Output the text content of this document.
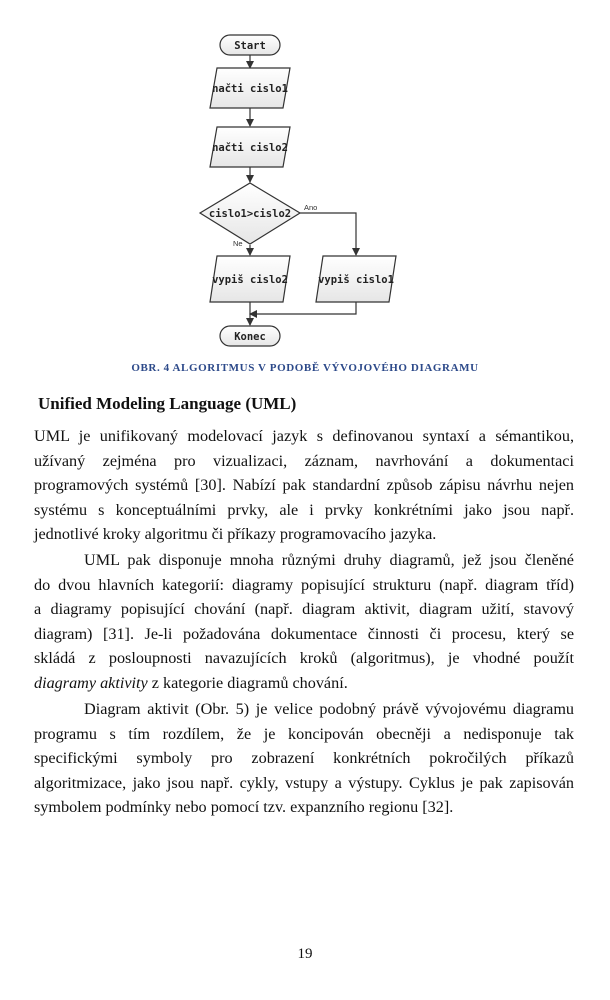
Start
načti cislo1
načti cislo2
cislo1>cislo2
Ano
Ne
vypiš cislo2	vypiš cislo1
Konec
OBR. 4 ALGORITMUS V PODOBĚ VÝVOJOVÉHO DIAGRAMU
Unified Modeling Language (UML)
UML je unifikovaný modelovací jazyk s definovanou syntaxí a sémantikou,
užívaný zejména pro vizualizaci, záznam, navrhování a dokumentaci
programových systémů [30]. Nabízí pak standardní způsob zápisu návrhu nejen
systému s konceptuálními prvky, ale i prvky konkrétními jako jsou např.
jednotlivé kroky algoritmu či příkazy programovacího jazyka.
UML pak disponuje mnoha různými druhy diagramů, jež jsou členěné
do dvou hlavních kategorií: diagramy popisující strukturu (např. diagram tříd)
a diagramy popisující chování (např. diagram aktivit, diagram užití, stavový
diagram) [31]. Je-li požadována dokumentace činnosti či procesu, který se
skládá z posloupnosti navazujících kroků (algoritmus), je vhodné použít
diagramy aktivity z kategorie diagramů chování.
Diagram aktivit (Obr. 5) je velice podobný právě vývojovému diagramu
programu s tím rozdílem, že je koncipován obecněji a nedisponuje tak
specifickými symboly pro zobrazení konkrétních pokročilých příkazů
algoritmizace, jako jsou např. cykly, vstupy a výstupy. Cyklus je pak zapisován
symbolem podmínky nebo pomocí tzv. expanzního regionu [32].
19
